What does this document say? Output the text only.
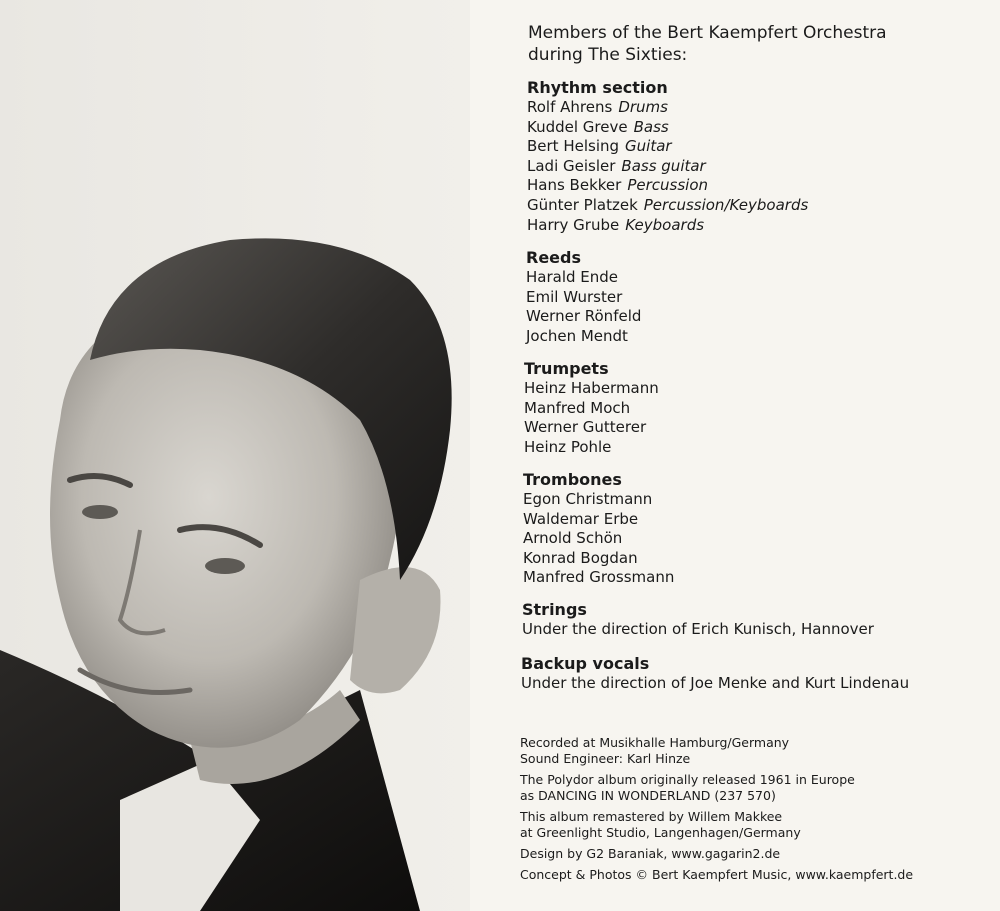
Members of the Bert Kaempfert Orchestra
during The Sixties:
Rhythm section
Rolf Ahrens Drums
Kuddel Greve Bass
Bert Helsing Guitar
Ladi Geisler Bass guitar
Hans Bekker Percussion
Günter Platzek Percussion/Keyboards
Harry Grube Keyboards
Reeds
Harald Ende
Emil Wurster
Werner Rönfeld
Jochen Mendt
Trumpets
Heinz Habermann
Manfred Moch
Werner Gutterer
Heinz Pohle
Trombones
Egon Christmann
Waldemar Erbe
Arnold Schön
Konrad Bogdan
Manfred Grossmann
Strings
Under the direction of Erich Kunisch, Hannover
Backup vocals
Under the direction of Joe Menke and Kurt Lindenau
Recorded at Musikhalle Hamburg/Germany
Sound Engineer: Karl Hinze
The Polydor album originally released 1961 in Europe
as DANCING IN WONDERLAND (237 570)
This album remastered by Willem Makkee
at Greenlight Studio, Langenhagen/Germany
Design by G2 Baraniak, www.gagarin2.de
Concept & Photos © Bert Kaempfert Music, www.kaempfert.de
